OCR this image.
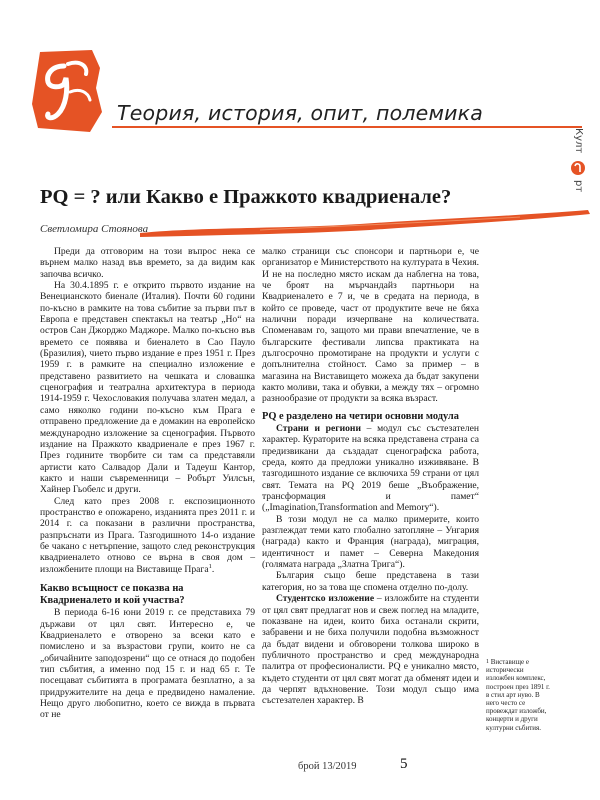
Теория, история, опит, полемика
Култ
рт
PQ = ? или Какво е Пражкото квадриенале?
Светломира Стоянова

Преди да отговорим на този въпрос нека се върнем малко назад във времето, за да видим как започва всичко.

На 30.4.1895 г. е открито първото издание на Венецианското биенале (Италия). Почти 60 години по-късно в рамките на това събитие за първи път в Европа е представен спектакъл на театър „Но“ на остров Сан Джорджо Маджоре. Малко по-късно във времето се появява и биеналето в Сао Пауло (Бразилия), чието първо издание е през 1951 г. През 1959 г. в рамките на специално изложение е представено развитието на чешката и словашка сценография и театрална архитектура в периода 1914-1959 г. Чехословакия получава златен медал, а само няколко години по-късно към Прага е отправено предложение да е домакин на европейско международно изложение за сценография. Първото издание на Пражкото квадриенале е през 1967 г. През годините творбите си там са представяли артисти като Салвадор Дали и Тадеуш Кантор, както и наши съвременници – Робърт Уилсън, Хайнер Гьобелс и други.

След като през 2008 г. експозиционното пространство е опожарено, изданията през 2011 г. и 2014 г. са показани в различни пространства, разпръснати из Прага. Тазгодишното 14-о издание бе чакано с нетърпение, защото след реконструкция квадриеналето отново се върна в своя дом – изложбените площи на Виставище Прага$^1$.

Какво всъщност се показва на Квадриеналето и кой участва?

В периода 6-16 юни 2019 г. се представиха 79 държави от цял свят. Интересно е, че Квадриеналето е отворено за всеки като е помислено и за възрастови групи, които не са „обичайните заподозрени“ що се отнася до подобен тип събития, а именно под 15 г. и над 65 г. Те посещават събитията в програмата безплатно, а за придружителите на деца е предвидено намаление. Нещо друго любопитно, което се вижда в първата от не

малко страници със спонсори и партньори е, че организатор е Министерството на културата в Чехия. И не на последно място искам да наблегна на това, че броят на мърчандайз партньори на Квадриеналето е 7 и, че в средата на периода, в който се проведе, част от продуктите вече не бяха налични поради изчерпване на количествата. Споменавам го, защото ми прави впечатление, че в българските фестивали липсва практиката на дългосрочно промотиране на продукти и услуги с допълнителна стойност. Само за пример – в магазина на Виставището можеха да бъдат закупени както моливи, така и обувки, а между тях – огромно разнообразие от продукти за всяка възраст.

PQ е разделено на четири основни модула

Страни и региони – модул със състезателен характер. Кураторите на всяка представена страна са предизвикани да създадат сценографска работа, среда, която да предложи уникално изживяване. В тазгодишното издание се включиха 59 страни от цял свят. Темата на PQ 2019 беше „Въображение, трансформация и памет“ („Imagination,Transformation and Memory“).

В този модул не са малко примерите, които разглеждат теми като глобално затопляне – Унгария (награда) както и Франция (награда), миграция, идентичност и памет – Северна Македония (голямата награда „Златна Трига“).

България също беше представена в тази категория, но за това ще спомена отделно по-долу.

Студентско изложение – изложбите на студенти от цял свят предлагат нов и свеж поглед на младите, показване на идеи, които биха останали скрити, забравени и не биха получили подобна възможност да бъдат видени и обговорени толкова широко в публичното пространство и сред международна палитра от професионалисти. PQ е уникално място, където студенти от цял свят могат да обменят идеи и да черпят вдъхновение. Този модул също има състезателен характер. В

1 Виставище е исторически изложбен комплекс, построен през 1891 г. в стил арт нуво. В него често се провеждат изложби, концерти и други културни събития.
брой 13/2019	5
